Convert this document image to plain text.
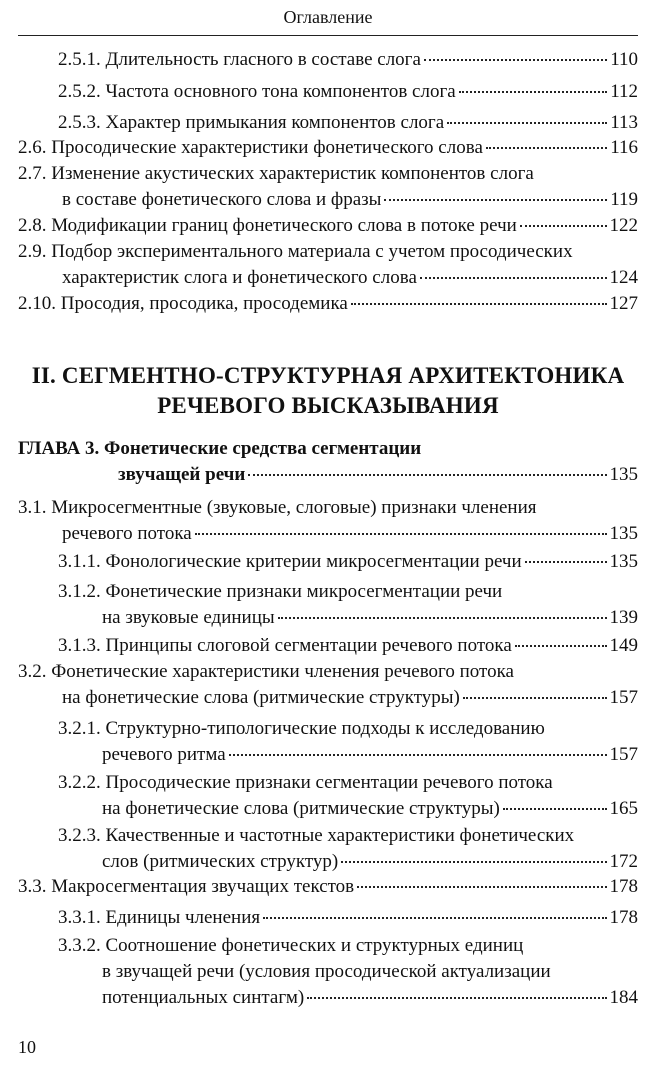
Оглавление
2.5.1. Длительность гласного в составе слога	110
2.5.2. Частота основного тона компонентов слога	112
2.5.3. Характер примыкания компонентов слога	113
2.6. Просодические характеристики фонетического слова	116
2.7. Изменение акустических характеристик компонентов слога
в составе фонетического слова и фразы	119
2.8. Модификации границ фонетического слова в потоке речи	122
2.9. Подбор экспериментального материала с учетом просодических
характеристик слога и фонетического слова	124
2.10. Просодия, просодика, просодемика	127
II. СЕГМЕНТНО-СТРУКТУРНАЯ АРХИТЕКТОНИКА
РЕЧЕВОГО ВЫСКАЗЫВАНИЯ
ГЛАВА 3. Фонетические средства сегментации
звучащей речи	135
3.1. Микросегментные (звуковые, слоговые) признаки членения
речевого потока	135
3.1.1. Фонологические критерии микросегментации речи	135
3.1.2. Фонетические признаки микросегментации речи
на звуковые единицы	139
3.1.3. Принципы слоговой сегментации речевого потока	149
3.2. Фонетические характеристики членения речевого потока
на фонетические слова (ритмические структуры)	157
3.2.1. Структурно-типологические подходы к исследованию
речевого ритма	157
3.2.2. Просодические признаки сегментации речевого потока
на фонетические слова (ритмические структуры)	165
3.2.3. Качественные и частотные характеристики фонетических
слов (ритмических структур)	172
3.3. Макросегментация звучащих текстов	178
3.3.1. Единицы членения	178
3.3.2. Соотношение фонетических и структурных единиц
в звучащей речи (условия просодической актуализации
потенциальных синтагм)	184
10
